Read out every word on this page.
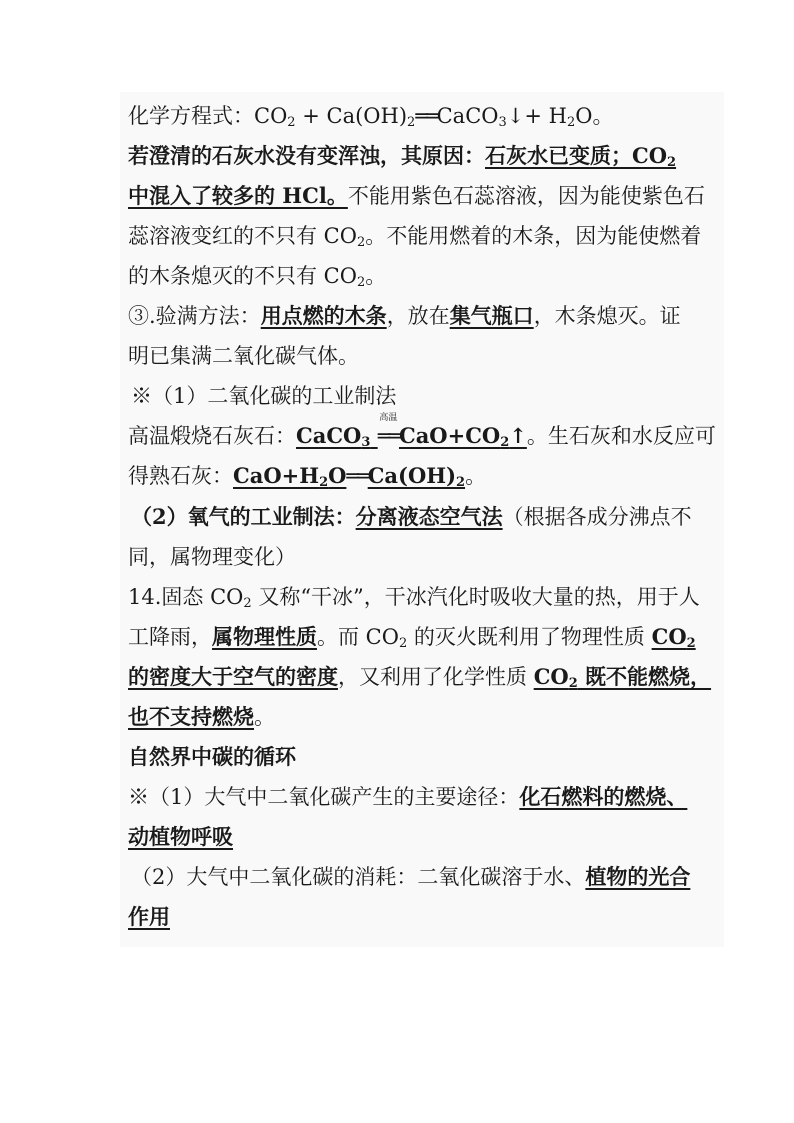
化学方程式：$CO_2$ + $Ca(OH)_2══CaCO_3↓+ H_2O$。
若澄清的石灰水没有变浑浊，其原因：石灰水已变质；$CO_2$
中混入了较多的 HCl。不能用紫色石蕊溶液，因为能使紫色石
蕊溶液变红的不只有 $CO_2$。不能用燃着的木条，因为能使燃着
的木条熄灭的不只有 $CO_2$。
③.验满方法：用点燃的木条，放在集气瓶口，木条熄灭。证
明已集满二氧化碳气体。
※（1）二氧化碳的工业制法
高温煅烧石灰石：CaCO$_3$
高温
$══CaO+CO_2↑$。生石灰和水反应可
得熟石灰：$CaO+H_2O══Ca(OH)_2$。
（2）氧气的工业制法：分离液态空气法（根据各成分沸点不
同，属物理变化）
14.固态 $CO_2$ 又称“干冰”，干冰汽化时吸收大量的热，用于人
工降雨，属物理性质。而 $CO_2$ 的灭火既利用了物理性质 $CO_2$
的密度大于空气的密度，又利用了化学性质 $CO_2$ 既不能燃烧，
也不支持燃烧。
自然界中碳的循环
※（1）大气中二氧化碳产生的主要途径：化石燃料的燃烧、
动植物呼吸
（2）大气中二氧化碳的消耗：二氧化碳溶于水、植物的光合
作用
